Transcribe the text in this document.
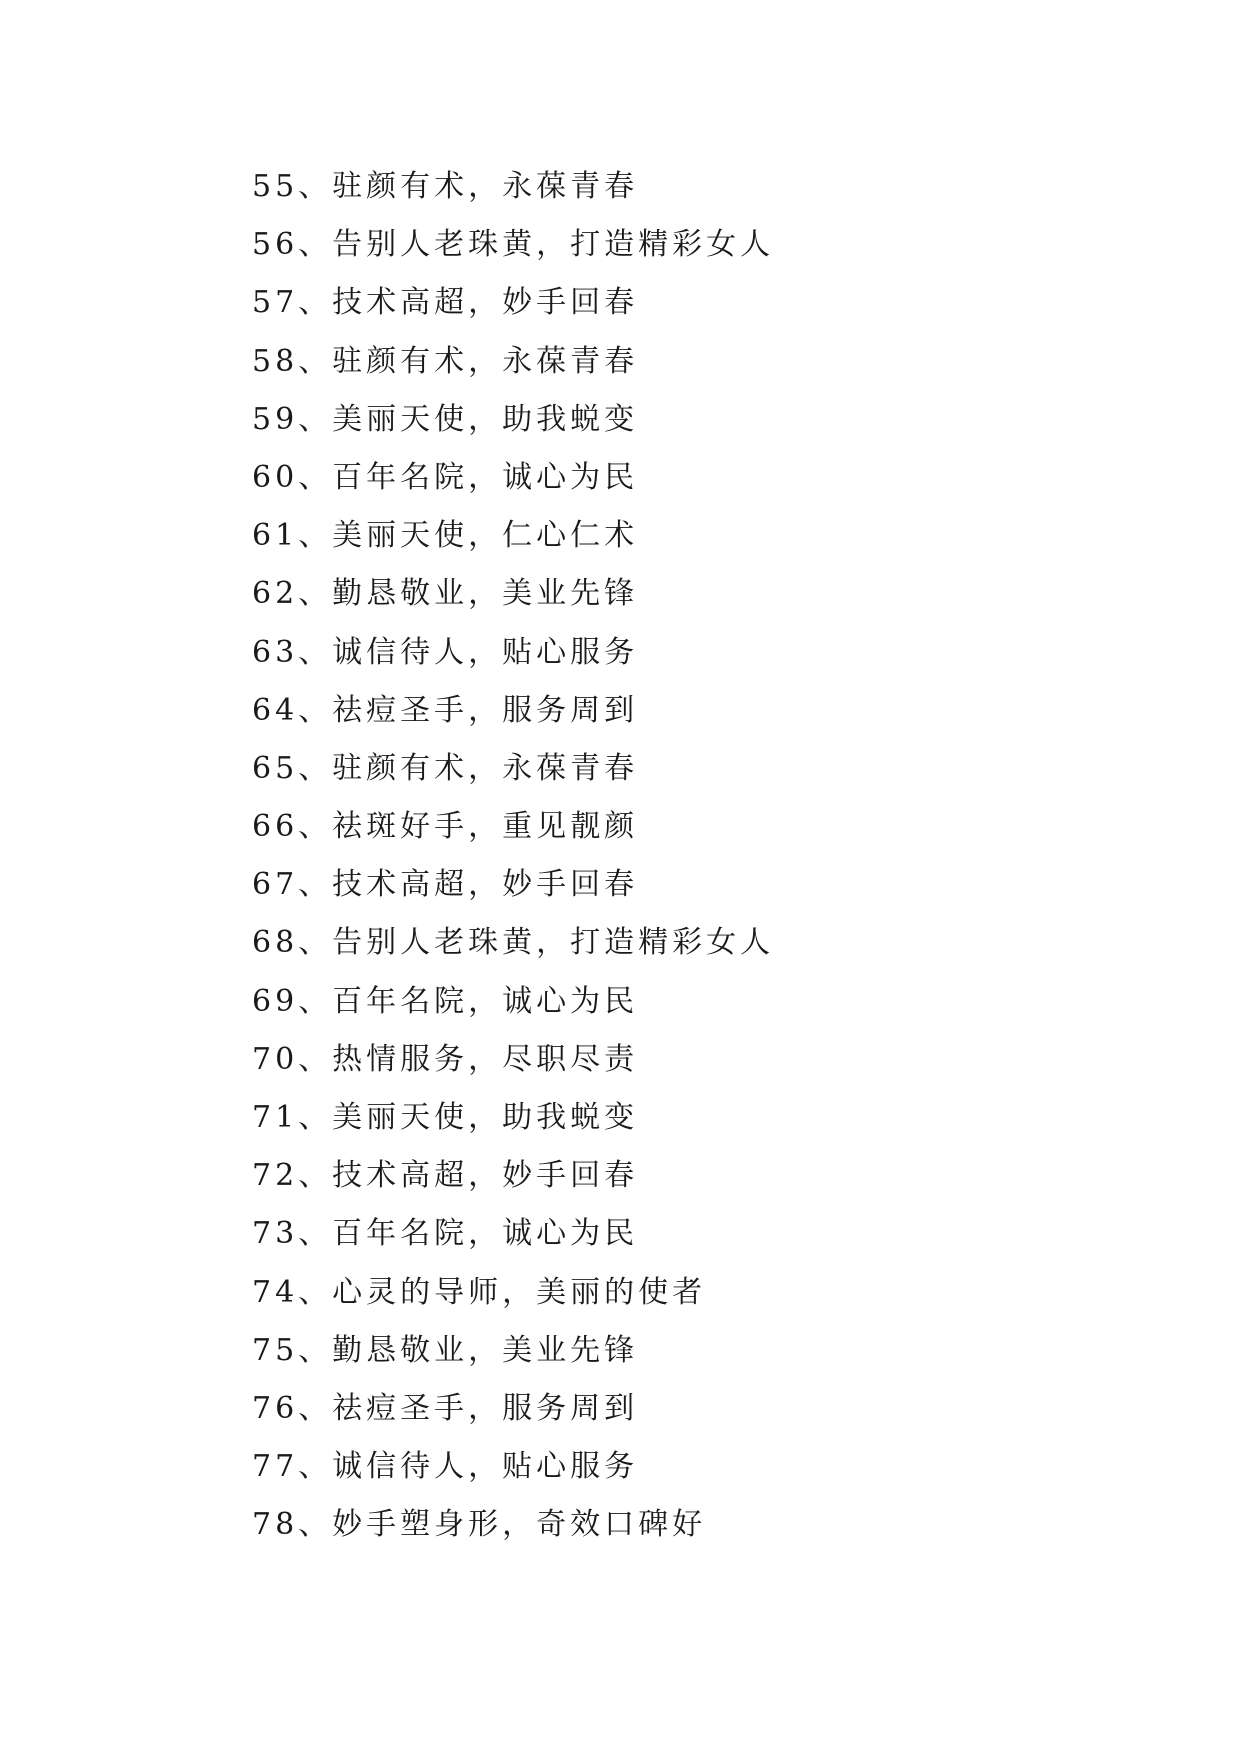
55、驻颜有术，永葆青春
56、告别人老珠黄，打造精彩女人
57、技术高超，妙手回春
58、驻颜有术，永葆青春
59、美丽天使，助我蜕变
60、百年名院，诚心为民
61、美丽天使，仁心仁术
62、勤恳敬业，美业先锋
63、诚信待人，贴心服务
64、祛痘圣手，服务周到
65、驻颜有术，永葆青春
66、祛斑好手，重见靓颜
67、技术高超，妙手回春
68、告别人老珠黄，打造精彩女人
69、百年名院，诚心为民
70、热情服务，尽职尽责
71、美丽天使，助我蜕变
72、技术高超，妙手回春
73、百年名院，诚心为民
74、心灵的导师，美丽的使者
75、勤恳敬业，美业先锋
76、祛痘圣手，服务周到
77、诚信待人，贴心服务
78、妙手塑身形，奇效口碑好
